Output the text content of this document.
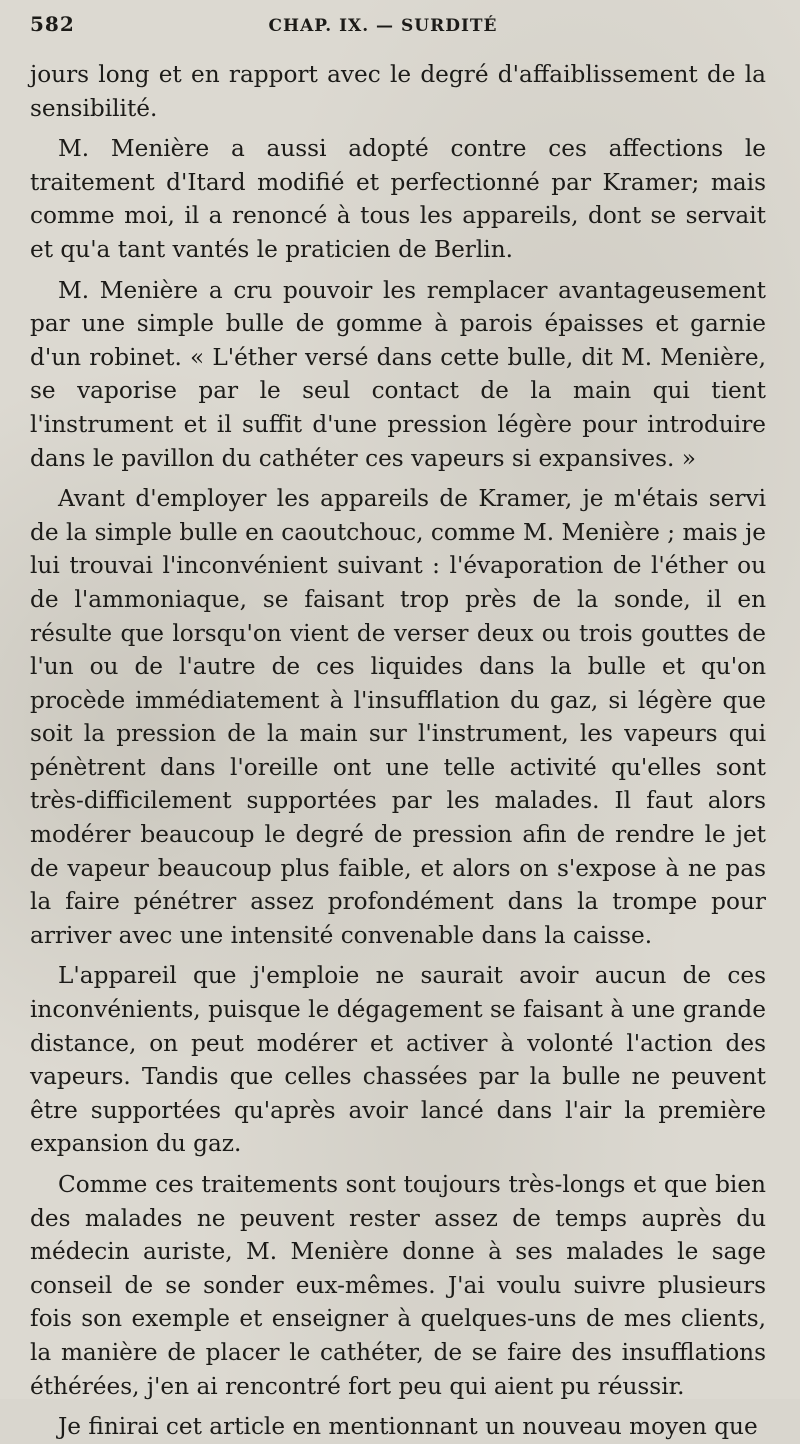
582	CHAP. IX. — SURDITÉ

jours long et en rapport avec le degré d'affaiblissement de la sensibilité.

M. Menière a aussi adopté contre ces affections le traitement d'Itard modifié et perfectionné par Kramer; mais comme moi, il a renoncé à tous les appareils, dont se servait et qu'a tant vantés le praticien de Berlin.

M. Menière a cru pouvoir les remplacer avantageusement par une simple bulle de gomme à parois épaisses et garnie d'un robinet. « L'éther versé dans cette bulle, dit M. Menière, se vaporise par le seul contact de la main qui tient l'instrument et il suffit d'une pression légère pour introduire dans le pavillon du cathéter ces vapeurs si expansives. »

Avant d'employer les appareils de Kramer, je m'étais servi de la simple bulle en caoutchouc, comme M. Menière ; mais je lui trouvai l'inconvénient suivant : l'évaporation de l'éther ou de l'ammoniaque, se faisant trop près de la sonde, il en résulte que lorsqu'on vient de verser deux ou trois gouttes de l'un ou de l'autre de ces liquides dans la bulle et qu'on procède immédiatement à l'insufflation du gaz, si légère que soit la pression de la main sur l'instrument, les vapeurs qui pénètrent dans l'oreille ont une telle activité qu'elles sont très-difficilement supportées par les malades. Il faut alors modérer beaucoup le degré de pression afin de rendre le jet de vapeur beaucoup plus faible, et alors on s'expose à ne pas la faire pénétrer assez profondément dans la trompe pour arriver avec une intensité convenable dans la caisse.

L'appareil que j'emploie ne saurait avoir aucun de ces inconvénients, puisque le dégagement se faisant à une grande distance, on peut modérer et activer à volonté l'action des vapeurs. Tandis que celles chassées par la bulle ne peuvent être supportées qu'après avoir lancé dans l'air la première expansion du gaz.

Comme ces traitements sont toujours très-longs et que bien des malades ne peuvent rester assez de temps auprès du médecin auriste, M. Menière donne à ses malades le sage conseil de se sonder eux-mêmes. J'ai voulu suivre plusieurs fois son exemple et enseigner à quelques-uns de mes clients, la manière de placer le cathéter, de se faire des insufflations éthérées, j'en ai rencontré fort peu qui aient pu réussir.

Je finirai cet article en mentionnant un nouveau moyen que
